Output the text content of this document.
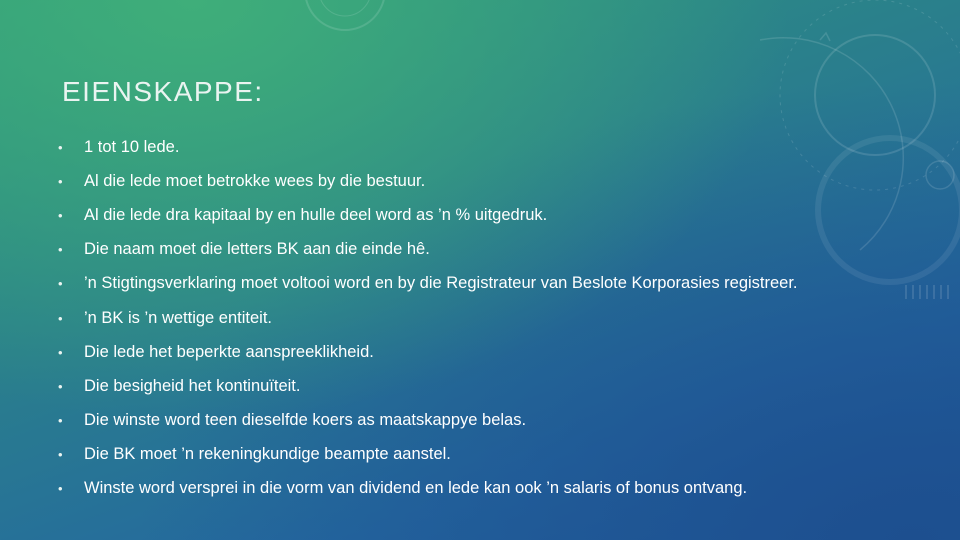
EIENSKAPPE:
•	1 tot 10 lede.
•	Al die lede moet betrokke wees by die bestuur.
•	Al die lede dra kapitaal by en hulle deel word as ’n % uitgedruk.
•	Die naam moet die letters BK aan die einde hê.
•	’n Stigtingsverklaring moet voltooi word en by die Registrateur van Beslote Korporasies registreer.
•	’n BK is ’n wettige entiteit.
•	Die lede het beperkte aanspreeklikheid.
•	Die besigheid het kontinuïteit.
•	Die winste word teen dieselfde koers as maatskappye belas.
•	Die BK moet ’n rekeningkundige beampte aanstel.
•	Winste word versprei in die vorm van dividend en lede kan ook ’n salaris of bonus ontvang.
